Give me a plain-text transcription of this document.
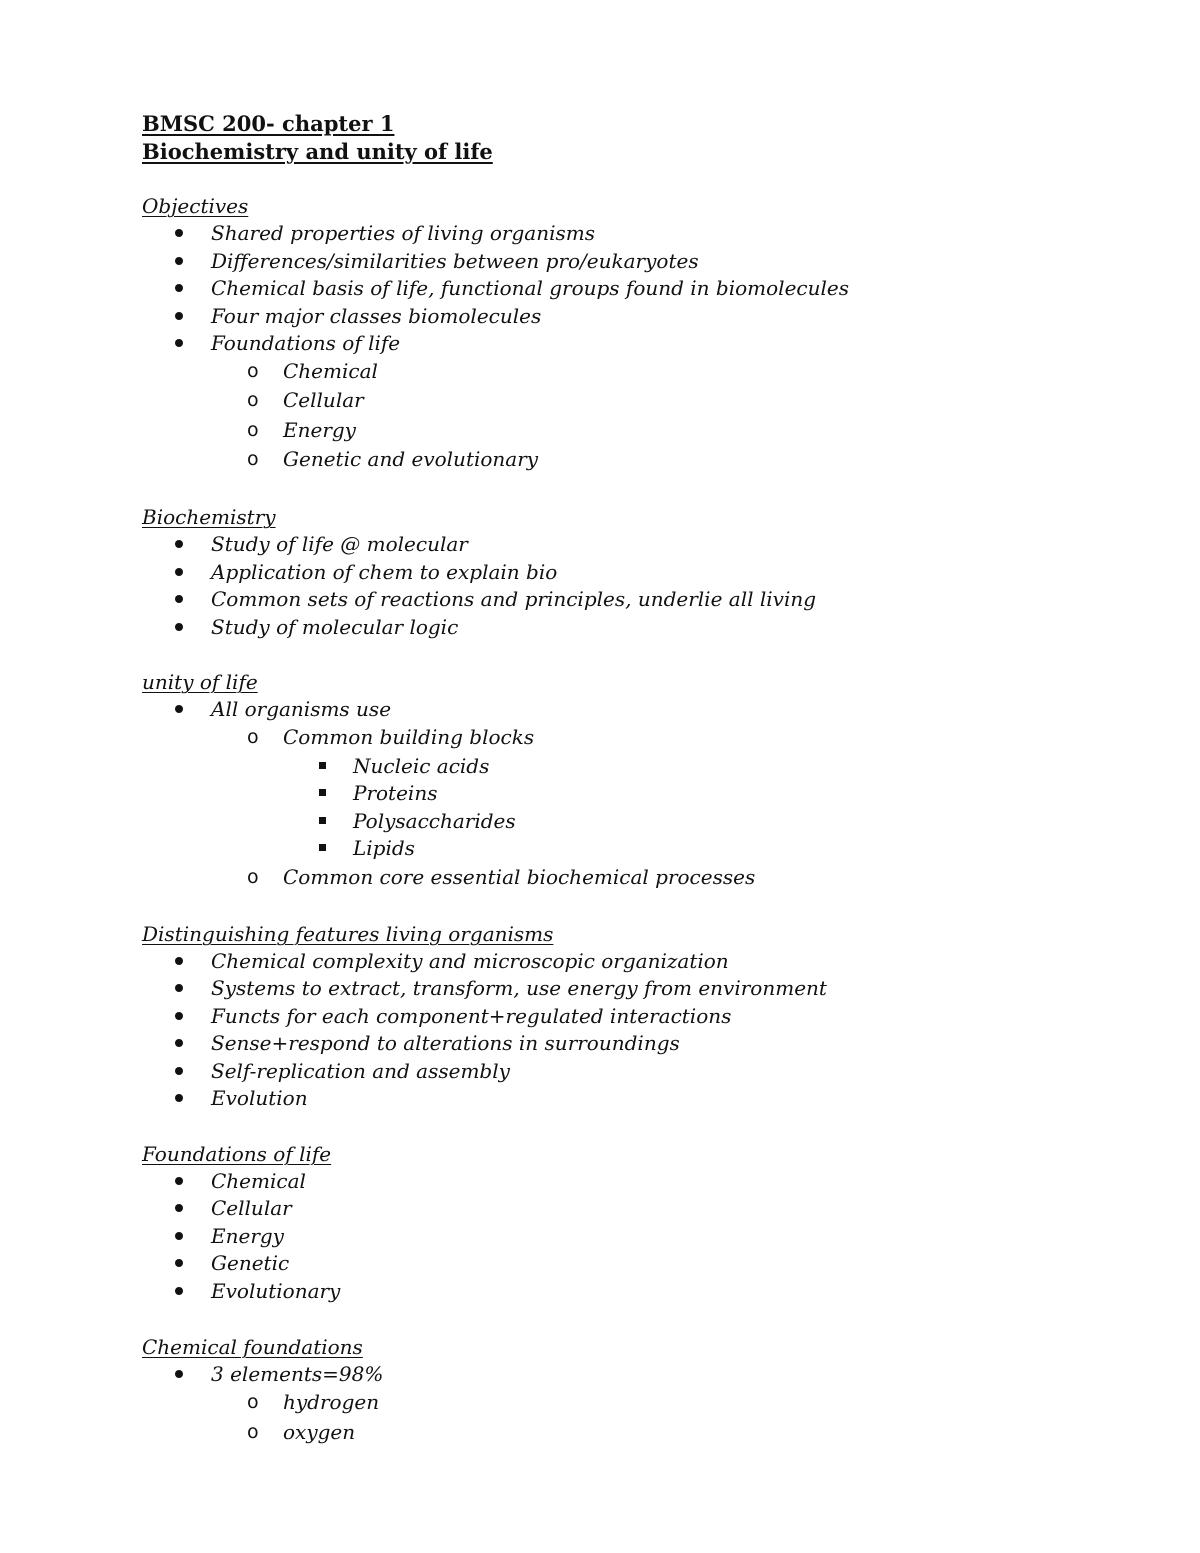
BMSC 200- chapter 1
Biochemistry and unity of life
Objectives
Shared properties of living organisms
Differences/similarities between pro/eukaryotes
Chemical basis of life, functional groups found in biomolecules
Four major classes biomolecules
Foundations of life
o Chemical
o Cellular
o Energy
o Genetic and evolutionary
Biochemistry
Study of life @ molecular
Application of chem to explain bio
Common sets of reactions and principles, underlie all living
Study of molecular logic
unity of life
All organisms use
o Common building blocks
Nucleic acids
Proteins
Polysaccharides
Lipids
o Common core essential biochemical processes
Distinguishing features living organisms
Chemical complexity and microscopic organization
Systems to extract, transform, use energy from environment
Functs for each component+regulated interactions
Sense+respond to alterations in surroundings
Self-replication and assembly
Evolution
Foundations of life
Chemical
Cellular
Energy
Genetic
Evolutionary
Chemical foundations
3 elements=98%
o hydrogen
o oxygen
